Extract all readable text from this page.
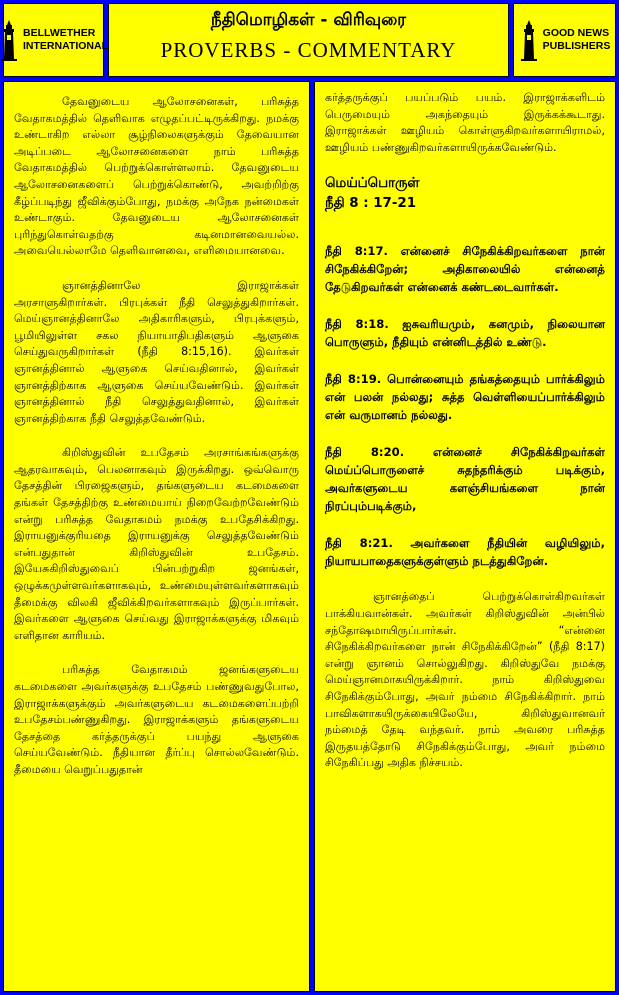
BELLWETHER
INTERNATIONAL
நீதிமொழிகள் - விரிவுரை
PROVERBS - COMMENTARY
GOOD NEWS
PUBLISHERS

தேவனுடைய ஆலோசனைகள், பரிசுத்த வேதாகமத்தில் தெளிவாக எழுதப்பட்டிருக்கிறது. நமக்கு உண்டாகிற எல்லா சூழ்நிலைகளுக்கும் தேவையான அடிப்படை ஆலோசனைகளை நாம் பரிசுத்த வேதாகமத்தில் பெற்றுக்கொள்ளலாம். தேவனுடைய ஆலோசனைகளைப் பெற்றுக்கொண்டு, அவற்றிற்கு கீழ்ப்படிந்து ஜீவிக்கும்போது, நமக்கு அநேக நன்மைகள் உண்டாகும். தேவனுடைய ஆலோசனைகள் புரிந்துகொள்வதற்கு கடினமானவையல்ல. அவையெல்லாமே தெளிவானவை, எளிமையானவை.

ஞானத்தினாலே இராஜாக்கள் அரசாளுகிறார்கள். பிரபுக்கள் நீதி செலுத்துகிறார்கள். மெய்ஞானத்தினாலே அதிகாரிகளும், பிரபுக்களும், பூமியிலுள்ள சகல நியாயாதிபதிகளும் ஆளுகை செய்துவருகிறார்கள் (நீதி 8:15,16). இவர்கள் ஞானத்தினால் ஆளுகை செய்வதினால், இவர்கள் ஞானத்திற்காக ஆளுகை செய்யவேண்டும். இவர்கள் ஞானத்தினால் நீதி செலுத்துவதினால், இவர்கள் ஞானத்திற்காக நீதி செலுத்தவேண்டும்.

கிறிஸ்துவின் உபதேசம் அரசாங்கங்களுக்கு ஆதரவாகவும், பெலனாகவும் இருக்கிறது. ஒவ்வொரு தேசத்தின் பிரஜைகளும், தங்களுடைய கடமைகளை தங்கள் தேசத்திற்கு உண்மையாய் நிறைவேற்றவேண்டும் என்று பரிசுத்த வேதாகமம் நமக்கு உபதேசிக்கிறது. இராயனுக்குரியதை இராயனுக்கு செலுத்தவேண்டும் என்பதுதான் கிறிஸ்துவின் உபதேசம். இயேசுகிறிஸ்துவைப் பின்பற்றுகிற ஜனங்கள், ஒழுக்கமுள்ளவர்களாகவும், உண்மையுள்ளவர்களாகவும் தீமைக்கு விலகி ஜீவிக்கிறவர்களாகவும் இருப்பார்கள். இவர்களை ஆளுகை செய்வது இராஜாக்களுக்கு மிகவும் எளிதான காரியம்.

பரிசுத்த வேதாகமம் ஜனங்களுடைய கடமைகளை அவர்களுக்கு உபதேசம் பண்ணுவதுபோல, இராஜாக்களுக்கும் அவர்களுடைய கடமைகளைப்பற்றி உபதேசம்பண்ணுகிறது. இராஜாக்களும் தங்களுடைய தேசத்தை கர்த்தருக்குப் பயந்து ஆளுகை செய்யவேண்டும். நீதியான தீர்ப்பு சொல்லவேண்டும். தீமையை வெறுப்பதுதான்

கர்த்தருக்குப் பயப்படும் பயம். இராஜாக்களிடம் பெருமையும் அகந்தையும் இருக்கக்கூடாது. இராஜாக்கள் ஊழியம் கொள்ளுகிறவர்களாயிராமல், ஊழியம் பண்ணுகிறவர்களாயிருக்கவேண்டும்.

மெய்ப்பொருள்
நீதி 8 : 17-21
நீதி 8:17. என்னைச் சிநேகிக்கிறவர்களை நான் சிநேகிக்கிறேன்; அதிகாலையில் என்னைத் தேடுகிறவர்கள் என்னைக் கண்டடைவார்கள்.
நீதி 8:18. ஐசுவரியமும், கனமும், நிலையான பொருளும், நீதியும் என்னிடத்தில் உண்டு.
நீதி 8:19. பொன்னையும் தங்கத்தையும் பார்க்கிலும் என் பலன் நல்லது; சுத்த வெள்ளியைப்பார்க்கிலும் என் வருமானம் நல்லது.
நீதி 8:20. என்னைச் சிநேகிக்கிறவர்கள் மெய்ப்பொருளைச் சுதந்தரிக்கும் படிக்கும், அவர்களுடைய களஞ்சியங்களை நான் நிரப்பும்படிக்கும்,
நீதி 8:21. அவர்களை நீதியின் வழியிலும், நியாயபாதைகளுக்குள்ளும் நடத்துகிறேன்.

ஞானத்தைப் பெற்றுக்கொள்கிறவர்கள் பாக்கியவான்கள். அவர்கள் கிறிஸ்துவின் அன்பில் சந்தோஷமாயிருப்பார்கள். “என்னை சிநேகிக்கிறவர்களை நான் சிநேகிக்கிறேன்” (நீதி 8:17) என்று ஞானம் சொல்லுகிறது. கிறிஸ்துவே நமக்கு மெய்ஞானமாகயிருக்கிறார். நாம் கிறிஸ்துவை சிநேகிக்கும்போது, அவர் நம்மை சிநேகிக்கிறார். நாம் பாவிகளாகயிருக்கையிலேயே, கிறிஸ்துவானவர் நம்மைத் தேடி வந்தவர். நாம் அவரை பரிசுத்த இருதயத்தோடு சிநேகிக்கும்போது, அவர் நம்மை சிநேகிப்பது அதிக நிச்சயம்.
